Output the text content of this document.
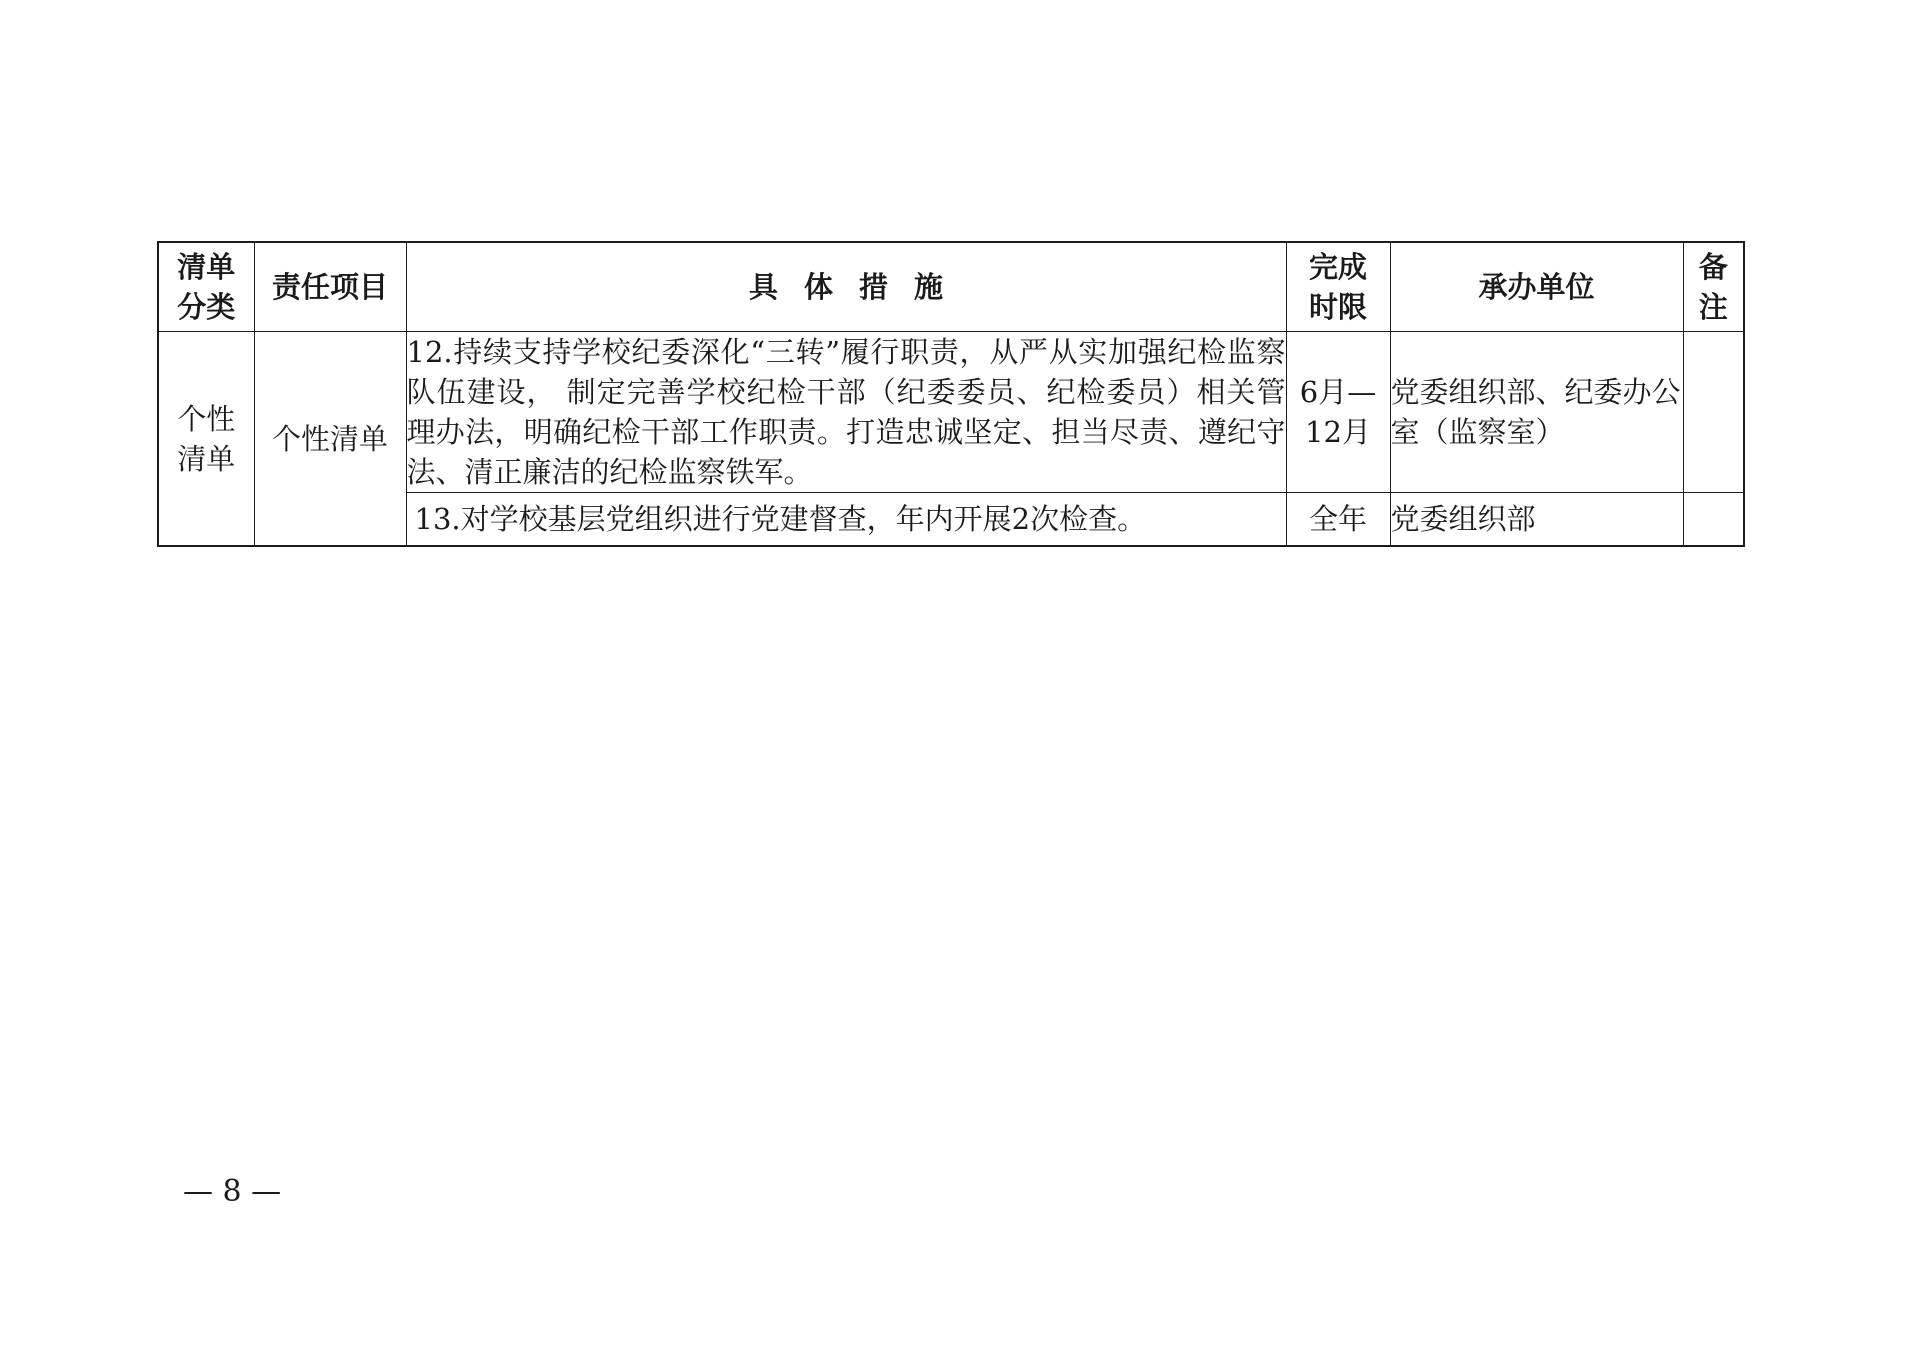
清单分类	责任项目	具体措施	完成时限	承办单位	备注

个性清单	个性清单	12.持续支持学校纪委深化“三转”履行职责，从严从实加强纪检监察队伍建设， 制定完善学校纪检干部（纪委委员、纪检委员）相关管理办法，明确纪检干部工作职责。打造忠诚坚定、担当尽责、遵纪守法、清正廉洁的纪检监察铁军。	6月—12月	党委组织部、纪委办公室（监察室）	
		13.对学校基层党组织进行党建督查，年内开展2次检查。	全年	党委组织部	
— 8 —
